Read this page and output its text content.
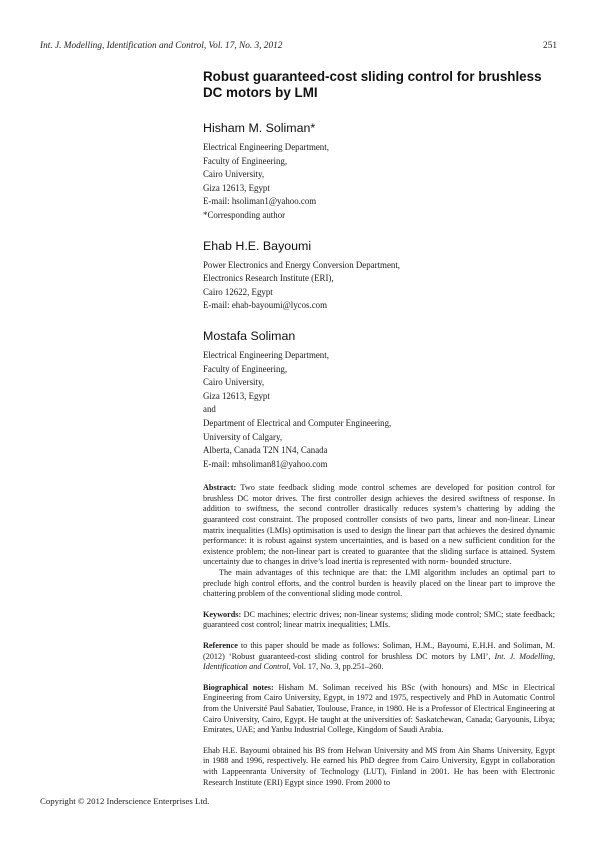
Int. J. Modelling, Identification and Control, Vol. 17, No. 3, 2012	251
Robust guaranteed-cost sliding control for brushless DC motors by LMI
Hisham M. Soliman*
Electrical Engineering Department,
Faculty of Engineering,
Cairo University,
Giza 12613, Egypt
E-mail: hsoliman1@yahoo.com
*Corresponding author
Ehab H.E. Bayoumi
Power Electronics and Energy Conversion Department,
Electronics Research Institute (ERI),
Cairo 12622, Egypt
E-mail: ehab-bayoumi@lycos.com
Mostafa Soliman
Electrical Engineering Department,
Faculty of Engineering,
Cairo University,
Giza 12613, Egypt
and
Department of Electrical and Computer Engineering,
University of Calgary,
Alberta, Canada T2N 1N4, Canada
E-mail: mhsoliman81@yahoo.com

Abstract: Two state feedback sliding mode control schemes are developed for position control for brushless DC motor drives. The first controller design achieves the desired swiftness of response. In addition to swiftness, the second controller drastically reduces system’s chattering by adding the guaranteed cost constraint. The proposed controller consists of two parts, linear and non-linear. Linear matrix inequalities (LMIs) optimisation is used to design the linear part that achieves the desired dynamic performance: it is robust against system uncertainties, and is based on a new sufficient condition for the existence problem; the non-linear part is created to guarantee that the sliding surface is attained. System uncertainty due to changes in drive’s load inertia is represented with norm- bounded structure.

The main advantages of this technique are that: the LMI algorithm includes an optimal part to preclude high control efforts, and the control burden is heavily placed on the linear part to improve the chattering problem of the conventional sliding mode control.

Keywords: DC machines; electric drives; non-linear systems; sliding mode control; SMC; state feedback; guaranteed cost control; linear matrix inequalities; LMIs.

Reference to this paper should be made as follows: Soliman, H.M., Bayoumi, E.H.H. and Soliman, M. (2012) ‘Robust guaranteed-cost sliding control for brushless DC motors by LMI’, Int. J. Modelling, Identification and Control, Vol. 17, No. 3, pp.251–260.

Biographical notes: Hisham M. Soliman received his BSc (with honours) and MSc in Electrical Engineering from Cairo University, Egypt, in 1972 and 1975, respectively and PhD in Automatic Control from the Université Paul Sabatier, Toulouse, France, in 1980. He is a Professor of Electrical Engineering at Cairo University, Cairo, Egypt. He taught at the universities of: Saskatchewan, Canada; Garyounis, Libya; Emirates, UAE; and Yanbu Industrial College, Kingdom of Saudi Arabia.

Ehab H.E. Bayoumi obtained his BS from Helwan University and MS from Ain Shams University, Egypt in 1988 and 1996, respectively. He earned his PhD degree from Cairo University, Egypt in collaboration with Lappeenranta University of Technology (LUT), Finland in 2001. He has been with Electronic Research Institute (ERI) Egypt since 1990. From 2000 to

Copyright © 2012 Inderscience Enterprises Ltd.
